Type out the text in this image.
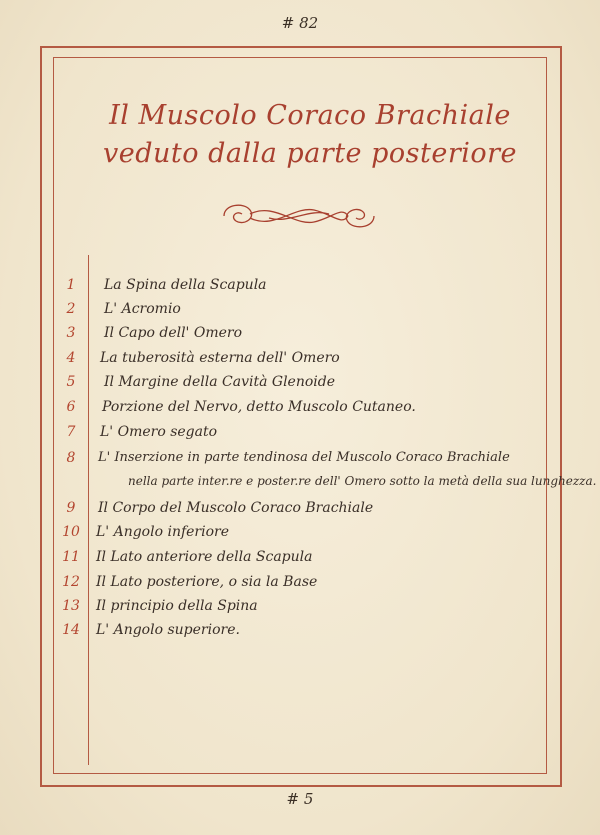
# 82
Il Muscolo Coraco Brachiale
veduto dalla parte posteriore
1	La Spina della Scapula
2	L' Acromio
3	Il Capo dell' Omero
4	La tuberosità esterna dell' Omero
5	Il Margine della Cavità Glenoide
6	Porzione del Nervo, detto Muscolo Cutaneo.
7	L' Omero segato
8	L' Inserzione in parte tendinosa del Muscolo Coraco Brachiale
nella parte inter.re e poster.re dell' Omero sotto la metà della sua lunghezza.
9	Il Corpo del Muscolo Coraco Brachiale
10 L' Angolo inferiore
11 Il Lato anteriore della Scapula
12 Il Lato posteriore, o sia la Base
13 Il principio della Spina
14 L' Angolo superiore.
# 5
